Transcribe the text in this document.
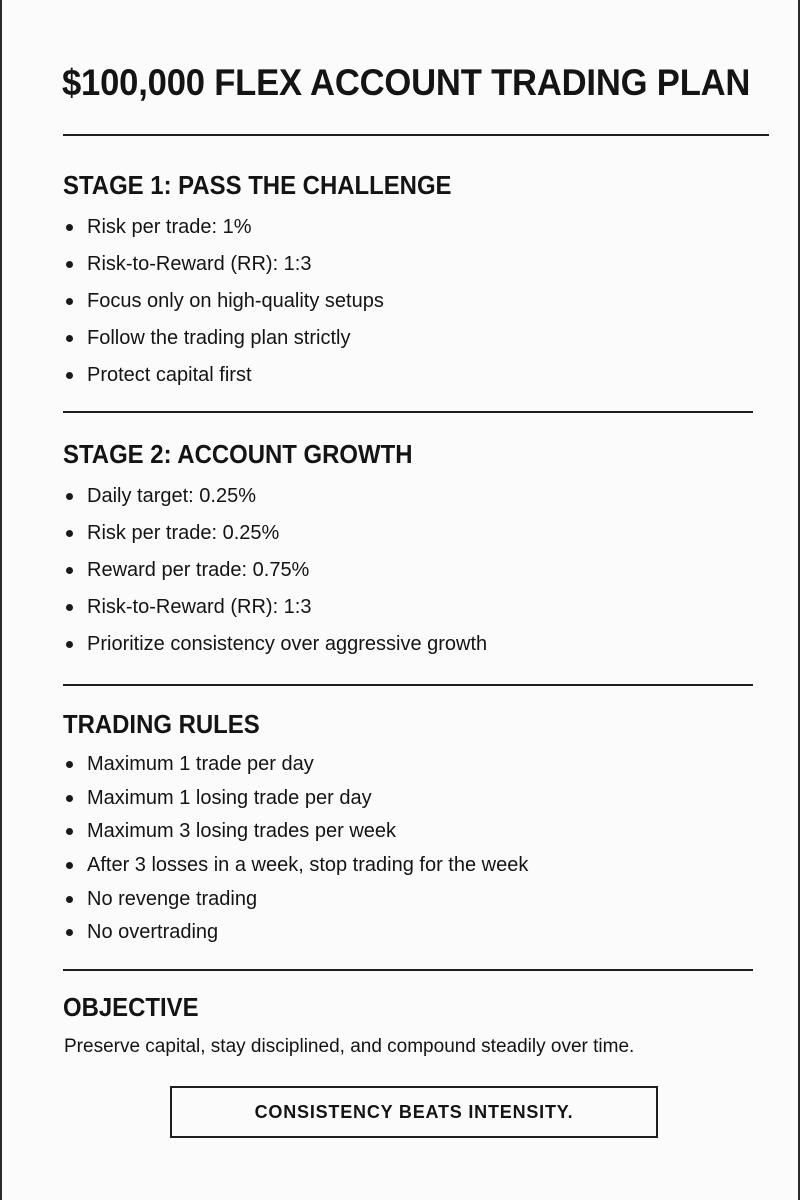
$100,000 FLEX ACCOUNT TRADING PLAN
STAGE 1: PASS THE CHALLENGE
Risk per trade: 1%
Risk-to-Reward (RR): 1:3
Focus only on high-quality setups
Follow the trading plan strictly
Protect capital first
STAGE 2: ACCOUNT GROWTH
Daily target: 0.25%
Risk per trade: 0.25%
Reward per trade: 0.75%
Risk-to-Reward (RR): 1:3
Prioritize consistency over aggressive growth
TRADING RULES
Maximum 1 trade per day
Maximum 1 losing trade per day
Maximum 3 losing trades per week
After 3 losses in a week, stop trading for the week
No revenge trading
No overtrading
OBJECTIVE

Preserve capital, stay disciplined, and compound steadily over time.

CONSISTENCY BEATS INTENSITY.
